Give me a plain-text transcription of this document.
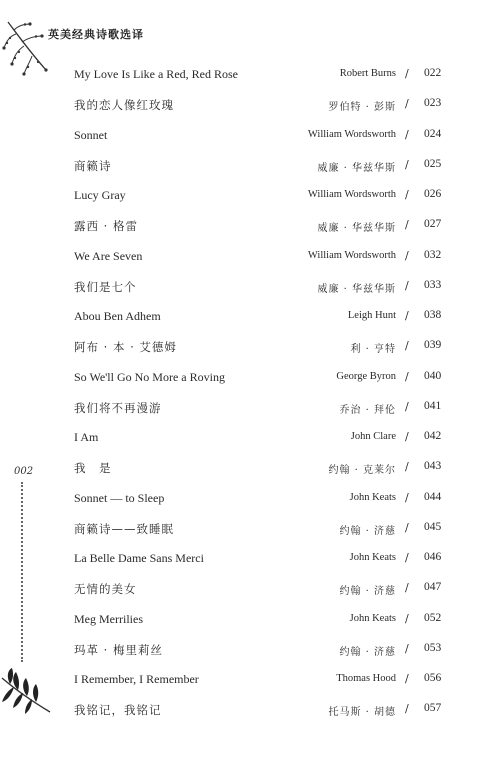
英美经典诗歌选译
002
My Love Is Like a Red, Red Rose	Robert Burns / 022
我的恋人像红玫瑰	罗伯特 · 彭斯 / 023
Sonnet	William Wordsworth / 024
商籁诗	威廉 · 华兹华斯 / 025
Lucy Gray	William Wordsworth / 026
露西 · 格雷	威廉 · 华兹华斯 / 027
We Are Seven	William Wordsworth / 032
我们是七个	威廉 · 华兹华斯 / 033
Abou Ben Adhem	Leigh Hunt / 038
阿布 · 本 · 艾德姆	利 · 亨特 / 039
So We'll Go No More a Roving	George Byron / 040
我们将不再漫游	乔治 · 拜伦 / 041
I Am	John Clare / 042
我　是	约翰 · 克莱尔 / 043
Sonnet — to Sleep	John Keats / 044
商籁诗——致睡眠	约翰 · 济慈 / 045
La Belle Dame Sans Merci	John Keats / 046
无情的美女	约翰 · 济慈 / 047
Meg Merrilies	John Keats / 052
玛革 · 梅里莉丝	约翰 · 济慈 / 053
I Remember, I Remember	Thomas Hood / 056
我铭记，我铭记	托马斯 · 胡德 / 057
